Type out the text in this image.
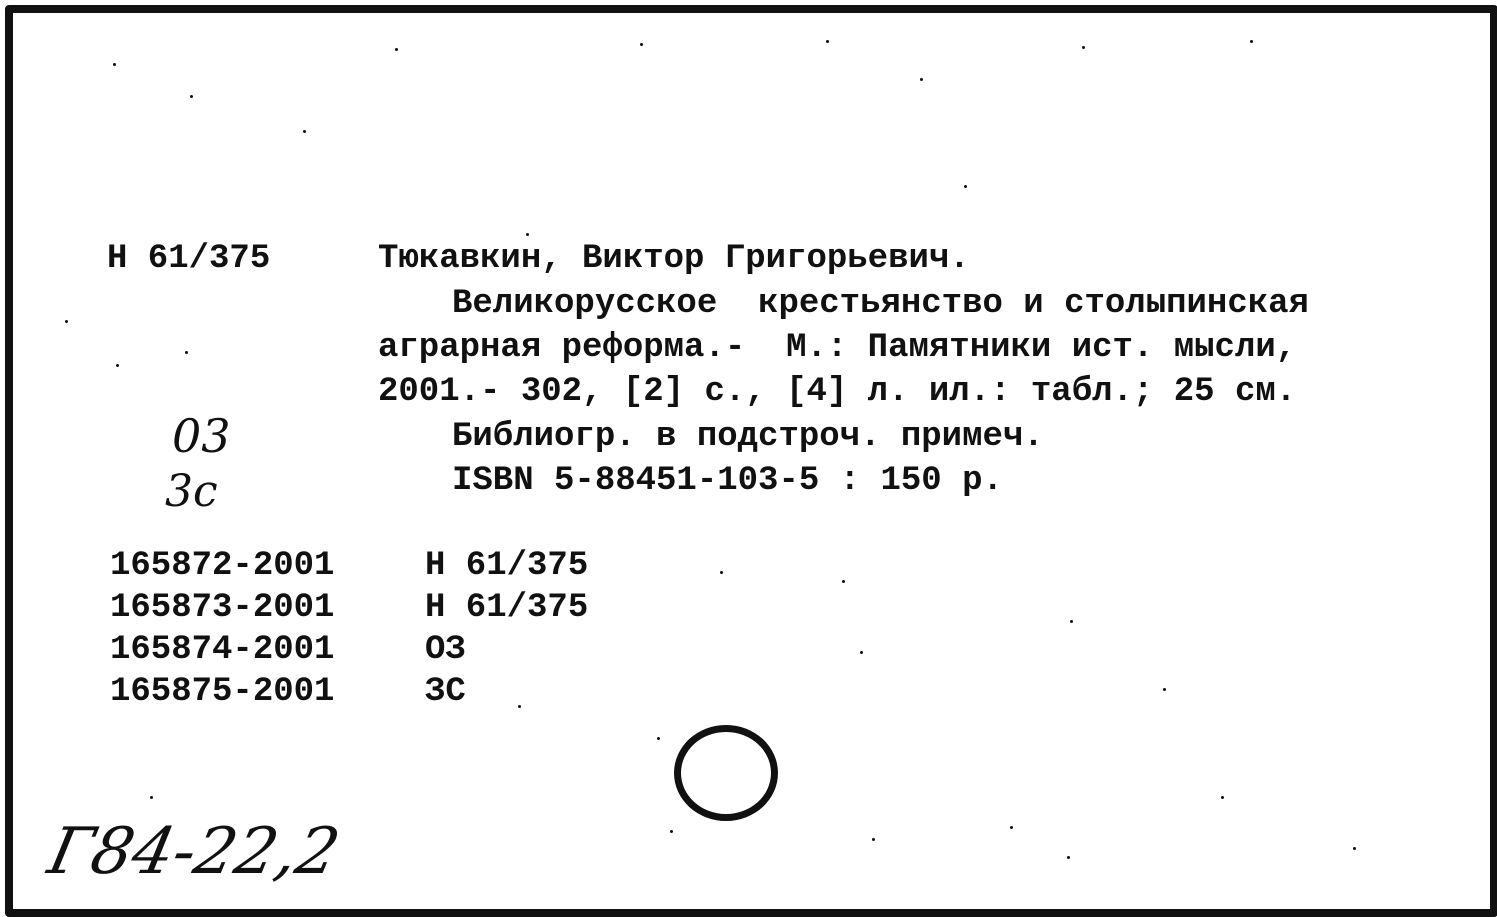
Н 61/375	Тюкавкин, Виктор Григорьевич.
Великорусское  крестьянство и столыпинская
аграрная реформа.-  М.: Памятники ист. мысли,
2001.- 302, [2] с., [4] л. ил.: табл.; 25 см.
Библиогр. в подстроч. примеч.
ISBN 5-88451-103-5 : 150 р.
03
3c
165872-2001	Н 61/375
165873-2001	Н 61/375
165874-2001	ОЗ
165875-2001	ЗС
Г84-22,2
